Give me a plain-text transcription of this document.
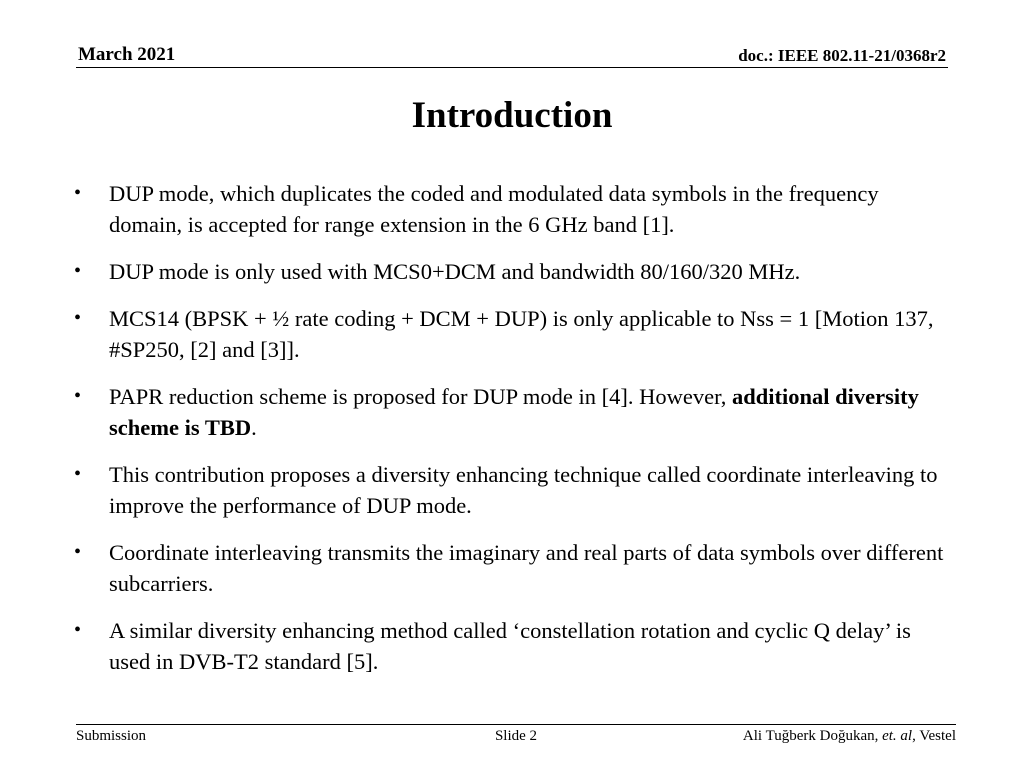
March 2021	doc.: IEEE 802.11-21/0368r2
Introduction
• DUP mode, which duplicates the coded and modulated data symbols in the frequency domain, is accepted for range extension in the 6 GHz band [1].
• DUP mode is only used with MCS0+DCM and bandwidth 80/160/320 MHz.
• MCS14 (BPSK + ½ rate coding + DCM + DUP) is only applicable to Nss = 1 [Motion 137, #SP250, [2] and [3]].
• PAPR reduction scheme is proposed for DUP mode in [4]. However, additional diversity scheme is TBD.
• This contribution proposes a diversity enhancing technique called coordinate interleaving to improve the performance of DUP mode.
• Coordinate interleaving transmits the imaginary and real parts of data symbols over different subcarriers.
• A similar diversity enhancing method called ‘constellation rotation and cyclic Q delay’ is used in DVB-T2 standard [5].
Submission	Slide 2	Ali Tuğberk Doğukan, et. al, Vestel
